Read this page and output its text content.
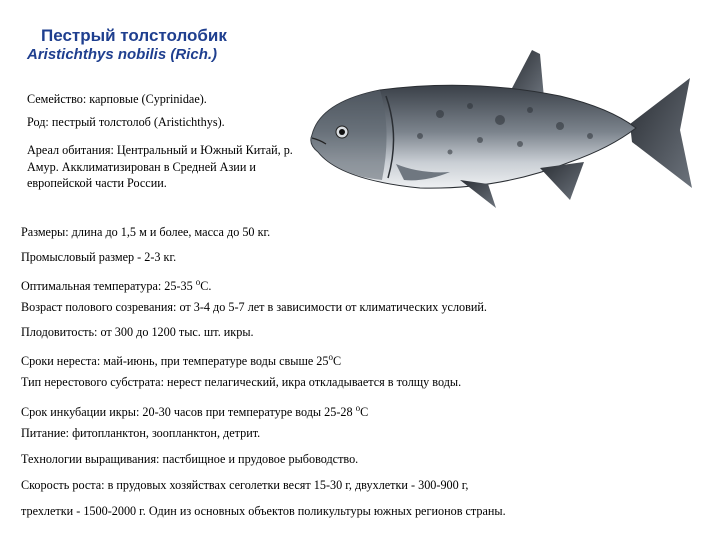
Пестрый толстолобик
Aristichthys nobilis (Rich.)
Семейство: карповые (Cyprinidae).
Род: пестрый толстолоб (Aristichthys).
Ареал обитания: Центральный и Южный Китай, р. Амур. Акклиматизирован в Средней Азии и европейской части России.
Размеры: длина до 1,5 м и более, масса до 50 кг.
Промысловый размер - 2-3 кг.
Оптимальная температура: 25-35 $^о$С.
Возраст полового созревания: от 3-4 до 5-7 лет в зависимости от климатических условий.
Плодовитость: от 300 до 1200 тыс. шт. икры.
Сроки нереста: май-июнь, при температуре воды свыше $25^оС$
Тип нерестового субстрата: нерест пелагический, икра откладывается в толщу воды.
Срок инкубации икры: 20-30 часов при температуре воды 25-28 $^о$С
Питание: фитопланктон, зоопланктон, детрит.
Технологии выращивания: пастбищное и прудовое рыбоводство.
Скорость роста: в прудовых хозяйствах сеголетки весят 15-30 г, двухлетки - 300-900 г,
трехлетки - 1500-2000 г. Один из основных объектов поликультуры южных регионов страны.
